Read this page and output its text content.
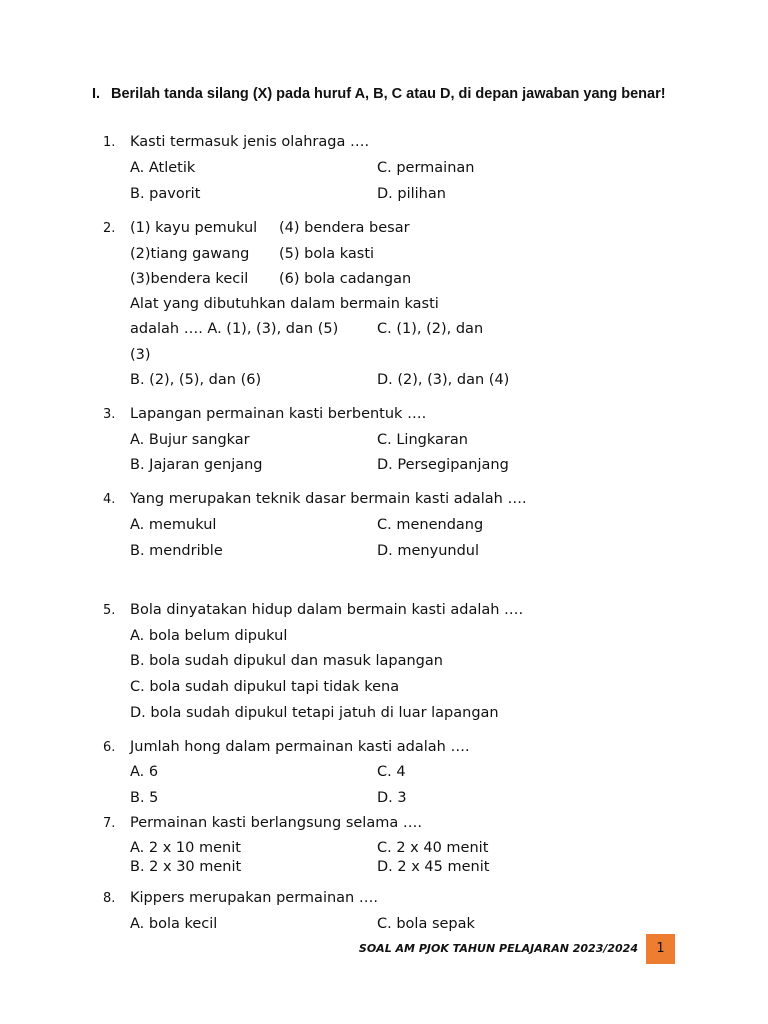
I. Berilah tanda silang (X) pada huruf A, B, C atau D, di depan jawaban yang benar!
1. Kasti termasuk jenis olahraga ….
A. Atletik
B. pavorit
C. permainan
D. pilihan
2. (1) kayu pemukul (4) bendera besar
(2)tiang gawang (5) bola kasti
(3)bendera kecil (6) bola cadangan
Alat yang dibutuhkan dalam bermain kasti
adalah …. A. (1), (3), dan (5)	C. (1), (2), dan
(3)
B. (2), (5), dan (6)	D. (2), (3), dan (4)
3. Lapangan permainan kasti berbentuk ….
A. Bujur sangkar
B. Jajaran genjang
C. Lingkaran
D. Persegipanjang
4. Yang merupakan teknik dasar bermain kasti adalah ….
A. memukul
B. mendrible
C. menendang
D. menyundul
5. Bola dinyatakan hidup dalam bermain kasti adalah ….
A. bola belum dipukul
B. bola sudah dipukul dan masuk lapangan
C. bola sudah dipukul tapi tidak kena
D. bola sudah dipukul tetapi jatuh di luar lapangan
6. Jumlah hong dalam permainan kasti adalah ….
A. 6
B. 5
C. 4
D. 3
7. Permainan kasti berlangsung selama ….
A. 2 x 10 menit
B. 2 x 30 menit
C. 2 x 40 menit
D. 2 x 45 menit
8. Kippers merupakan permainan ….
A. bola kecil	C. bola sepak
SOAL AM PJOK TAHUN PELAJARAN 2023/2024	1
